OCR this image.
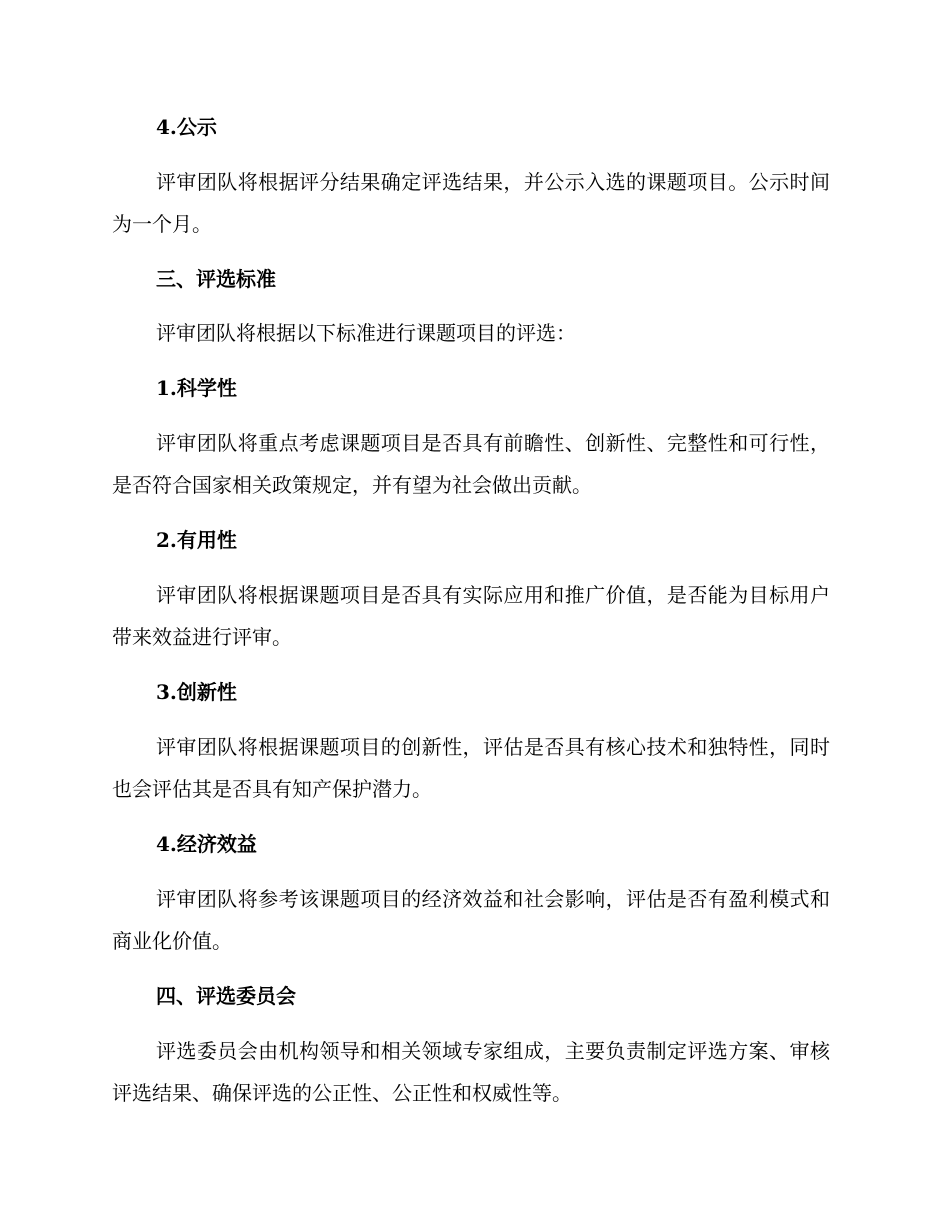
4.公示

评审团队将根据评分结果确定评选结果，并公示入选的课题项目。公示时间为一个月。

三、评选标准

评审团队将根据以下标准进行课题项目的评选：

1.科学性

评审团队将重点考虑课题项目是否具有前瞻性、创新性、完整性和可行性，是否符合国家相关政策规定，并有望为社会做出贡献。

2.有用性

评审团队将根据课题项目是否具有实际应用和推广价值，是否能为目标用户带来效益进行评审。

3.创新性

评审团队将根据课题项目的创新性，评估是否具有核心技术和独特性，同时也会评估其是否具有知产保护潜力。

4.经济效益

评审团队将参考该课题项目的经济效益和社会影响，评估是否有盈利模式和商业化价值。

四、评选委员会

评选委员会由机构领导和相关领域专家组成，主要负责制定评选方案、审核评选结果、确保评选的公正性、公正性和权威性等。
